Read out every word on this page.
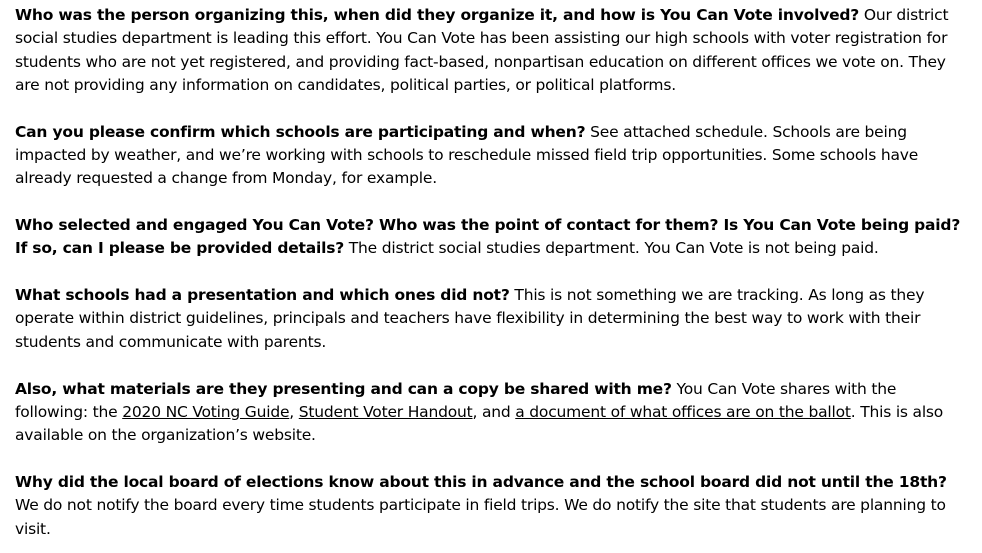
Who was the person organizing this, when did they organize it, and how is You Can Vote involved? Our district social studies department is leading this effort. You Can Vote has been assisting our high schools with voter registration for students who are not yet registered, and providing fact-based, nonpartisan education on different offices we vote on. They are not providing any information on candidates, political parties, or political platforms.

Can you please confirm which schools are participating and when? See attached schedule. Schools are being impacted by weather, and we’re working with schools to reschedule missed field trip opportunities. Some schools have already requested a change from Monday, for example.

Who selected and engaged You Can Vote? Who was the point of contact for them? Is You Can Vote being paid? If so, can I please be provided details? The district social studies department. You Can Vote is not being paid.

What schools had a presentation and which ones did not? This is not something we are tracking. As long as they operate within district guidelines, principals and teachers have flexibility in determining the best way to work with their students and communicate with parents.

Also, what materials are they presenting and can a copy be shared with me? You Can Vote shares with the following: the 2020 NC Voting Guide, Student Voter Handout, and a document of what offices are on the ballot. This is also available on the organization’s website.

Why did the local board of elections know about this in advance and the school board did not until the 18th? We do not notify the board every time students participate in field trips. We do notify the site that students are planning to visit.
